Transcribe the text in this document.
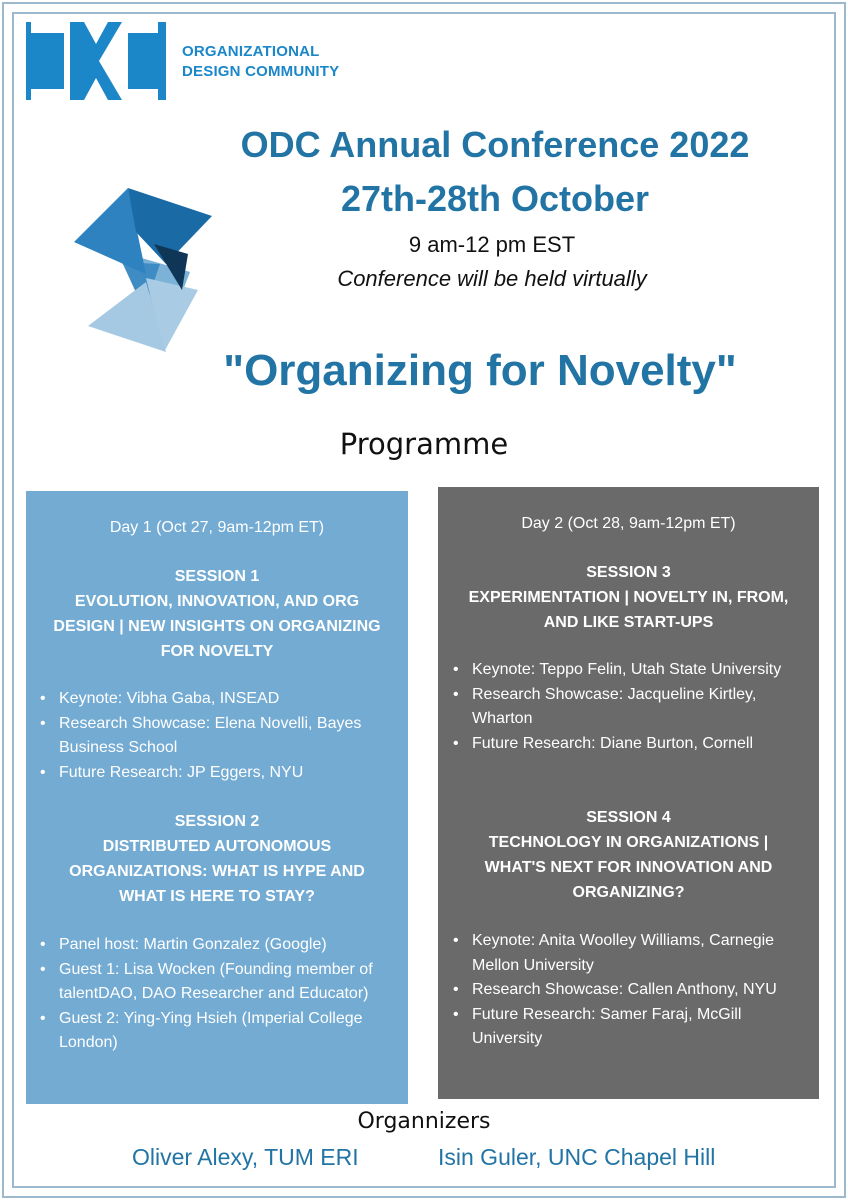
ORGANIZATIONAL
DESIGN COMMUNITY
ODC Annual Conference 2022
27th-28th October
9 am-12 pm EST
Conference will be held virtually
"Organizing for Novelty"
Programme
Day 1 (Oct 27, 9am-12pm ET)
SESSION 1
EVOLUTION, INNOVATION, AND ORG
DESIGN | NEW INSIGHTS ON ORGANIZING
FOR NOVELTY
• Keynote: Vibha Gaba, INSEAD
• Research Showcase: Elena Novelli, Bayes Business School
• Future Research: JP Eggers, NYU
SESSION 2
DISTRIBUTED AUTONOMOUS
ORGANIZATIONS: WHAT IS HYPE AND
WHAT IS HERE TO STAY?
• Panel host: Martin Gonzalez (Google)
• Guest 1: Lisa Wocken (Founding member of talentDAO, DAO Researcher and Educator)
• Guest 2: Ying-Ying Hsieh (Imperial College London)
Day 2 (Oct 28, 9am-12pm ET)
SESSION 3
EXPERIMENTATION | NOVELTY IN, FROM,
AND LIKE START-UPS
• Keynote: Teppo Felin, Utah State University
• Research Showcase: Jacqueline Kirtley, Wharton
• Future Research: Diane Burton, Cornell
SESSION 4
TECHNOLOGY IN ORGANIZATIONS |
WHAT'S NEXT FOR INNOVATION AND
ORGANIZING?
• Keynote: Anita Woolley Williams, Carnegie Mellon University
• Research Showcase: Callen Anthony, NYU
• Future Research: Samer Faraj, McGill University
Organnizers
Oliver Alexy, TUM ERI	Isin Guler, UNC Chapel Hill
